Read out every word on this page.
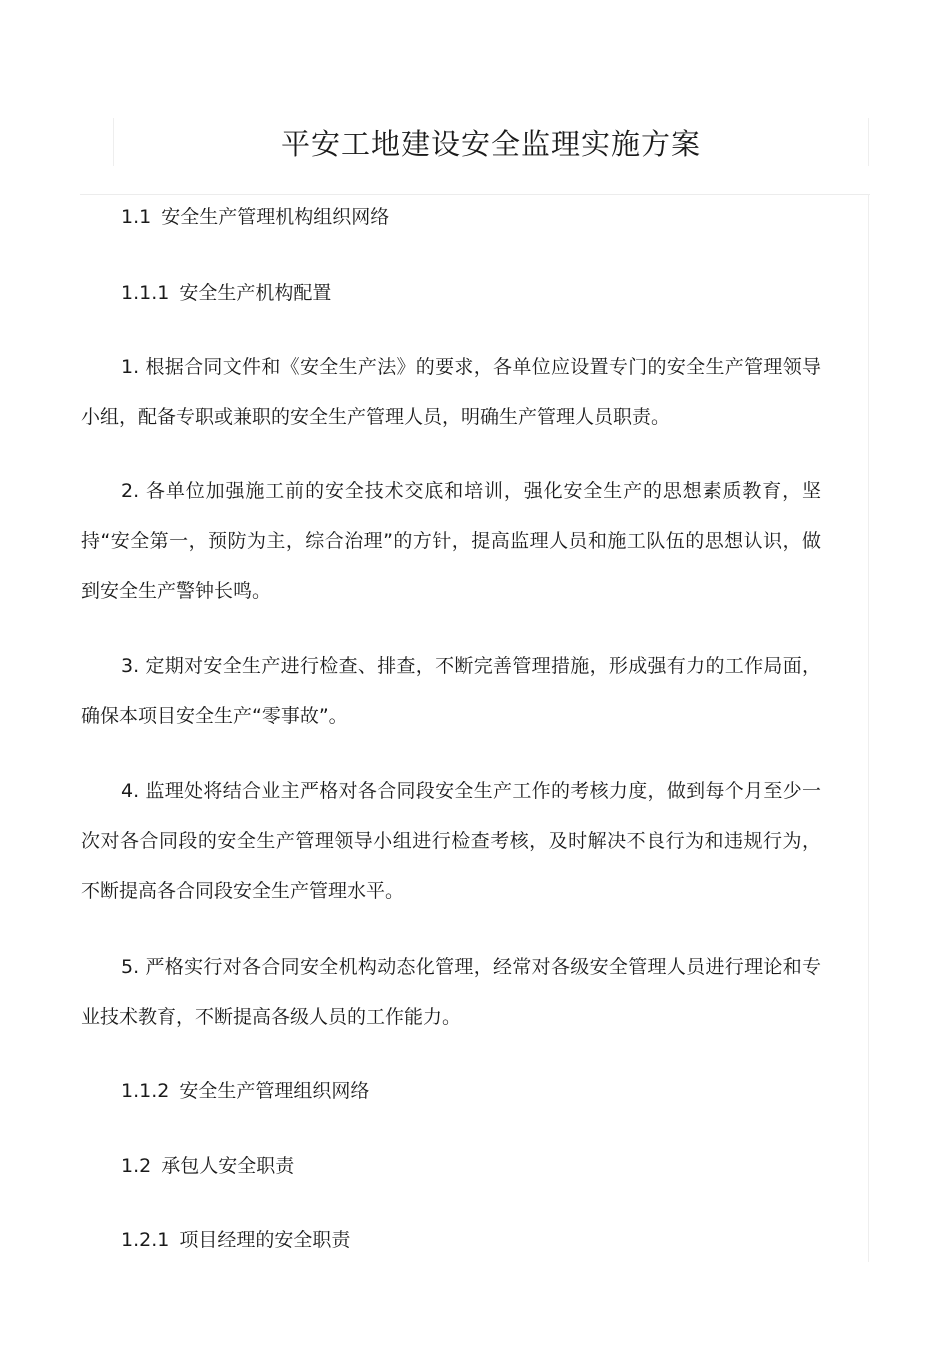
平安工地建设安全监理实施方案
1.1 安全生产管理机构组织网络
1.1.1 安全生产机构配置

1. 根据合同文件和《安全生产法》的要求，各单位应设置专门的安全生产管理领导小组，配备专职或兼职的安全生产管理人员，明确生产管理人员职责。

2. 各单位加强施工前的安全技术交底和培训，强化安全生产的思想素质教育，坚持“安全第一，预防为主，综合治理”的方针，提高监理人员和施工队伍的思想认识，做到安全生产警钟长鸣。

3. 定期对安全生产进行检查、排查，不断完善管理措施，形成强有力的工作局面，确保本项目安全生产“零事故”。

4. 监理处将结合业主严格对各合同段安全生产工作的考核力度，做到每个月至少一次对各合同段的安全生产管理领导小组进行检查考核，及时解决不良行为和违规行为，不断提高各合同段安全生产管理水平。

5. 严格实行对各合同安全机构动态化管理，经常对各级安全管理人员进行理论和专业技术教育，不断提高各级人员的工作能力。

1.1.2 安全生产管理组织网络
1.2 承包人安全职责
1.2.1 项目经理的安全职责
